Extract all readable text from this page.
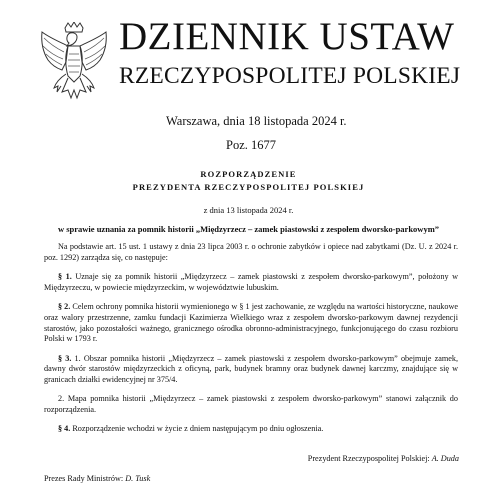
DZIENNIK USTAW
RZECZYPOSPOLITEJ POLSKIEJ
Warszawa, dnia 18 listopada 2024 r.
Poz. 1677
ROZPORZĄDZENIE
PREZYDENTA RZECZYPOSPOLITEJ POLSKIEJ
z dnia 13 listopada 2024 r.
w sprawie uznania za pomnik historii „Międzyrzecz – zamek piastowski z zespołem dworsko-parkowym”

Na podstawie art. 15 ust. 1 ustawy z dnia 23 lipca 2003 r. o ochronie zabytków i opiece nad zabytkami (Dz. U. z 2024 r. poz. 1292) zarządza się, co następuje:

§ 1. Uznaje się za pomnik historii „Międzyrzecz – zamek piastowski z zespołem dworsko-parkowym”, położony w Międzyrzeczu, w powiecie międzyrzeckim, w województwie lubuskim.

§ 2. Celem ochrony pomnika historii wymienionego w § 1 jest zachowanie, ze względu na wartości historyczne, naukowe oraz walory przestrzenne, zamku fundacji Kazimierza Wielkiego wraz z zespołem dworsko-parkowym dawnej rezydencji starostów, jako pozostałości ważnego, granicznego ośrodka obronno-administracyjnego, funkcjonującego do czasu rozbioru Polski w 1793 r.

§ 3. 1. Obszar pomnika historii „Międzyrzecz – zamek piastowski z zespołem dworsko-parkowym” obejmuje zamek, dawny dwór starostów międzyrzeckich z oficyną, park, budynek bramny oraz budynek dawnej karczmy, znajdujące się w granicach działki ewidencyjnej nr 375/4.

2. Mapa pomnika historii „Międzyrzecz – zamek piastowski z zespołem dworsko-parkowym” stanowi załącznik do rozporządzenia.

§ 4. Rozporządzenie wchodzi w życie z dniem następującym po dniu ogłoszenia.

Prezydent Rzeczypospolitej Polskiej: A. Duda
Prezes Rady Ministrów: D. Tusk
